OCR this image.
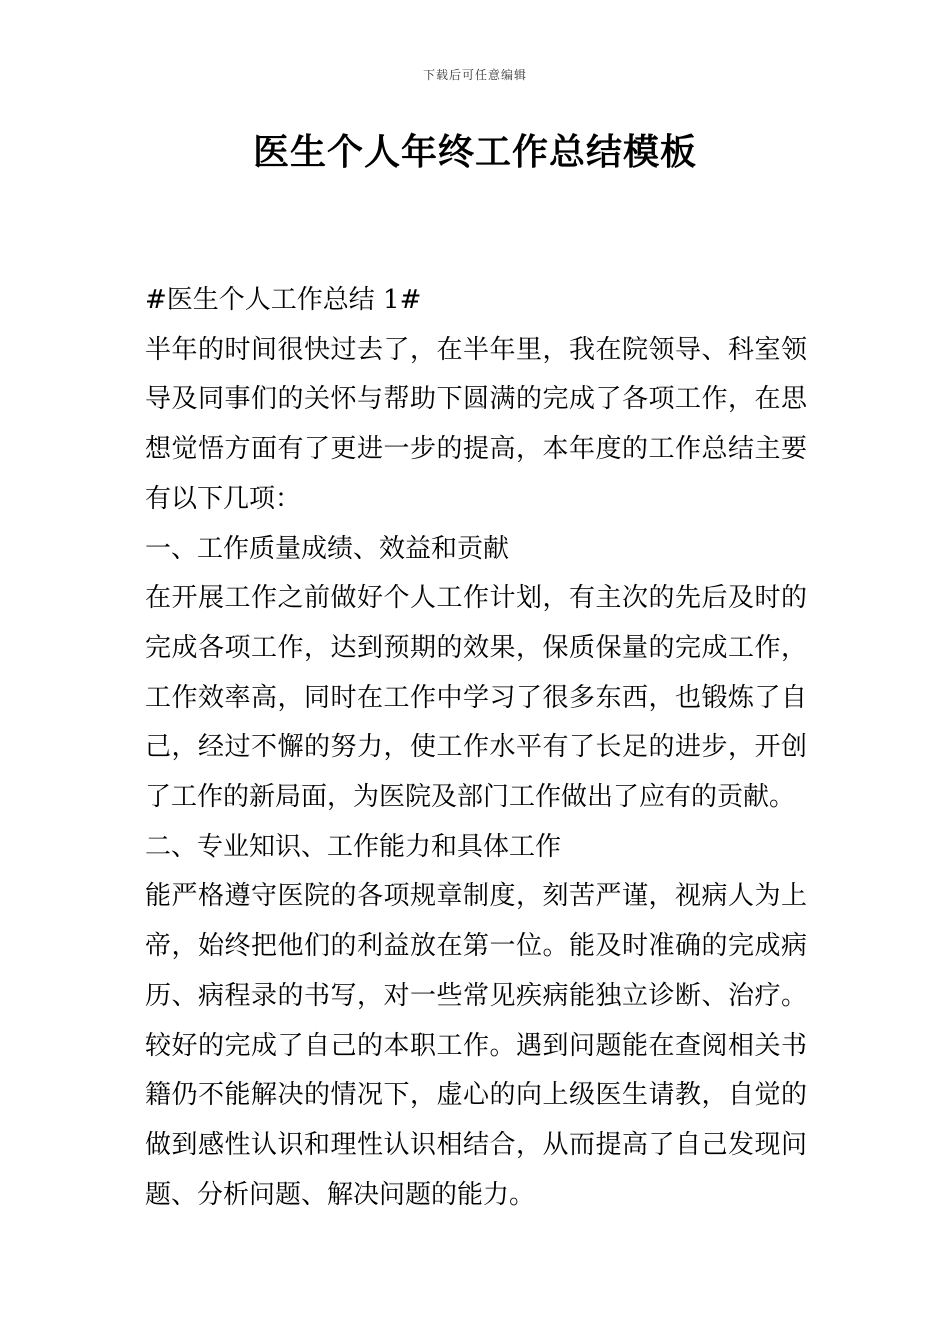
下载后可任意编辑
医生个人年终工作总结模板

#医生个人工作总结 1#

半年的时间很快过去了，在半年里，我在院领导、科室领导及同事们的关怀与帮助下圆满的完成了各项工作，在思想觉悟方面有了更进一步的提高，本年度的工作总结主要有以下几项：

一、工作质量成绩、效益和贡献

在开展工作之前做好个人工作计划，有主次的先后及时的完成各项工作，达到预期的效果，保质保量的完成工作，工作效率高，同时在工作中学习了很多东西，也锻炼了自己，经过不懈的努力，使工作水平有了长足的进步，开创了工作的新局面，为医院及部门工作做出了应有的贡献。

二、专业知识、工作能力和具体工作

能严格遵守医院的各项规章制度，刻苦严谨，视病人为上帝，始终把他们的利益放在第一位。能及时准确的完成病历、病程录的书写，对一些常见疾病能独立诊断、治疗。较好的完成了自己的本职工作。遇到问题能在查阅相关书籍仍不能解决的情况下，虚心的向上级医生请教，自觉的做到感性认识和理性认识相结合，从而提高了自己发现问题、分析问题、解决问题的能力。
